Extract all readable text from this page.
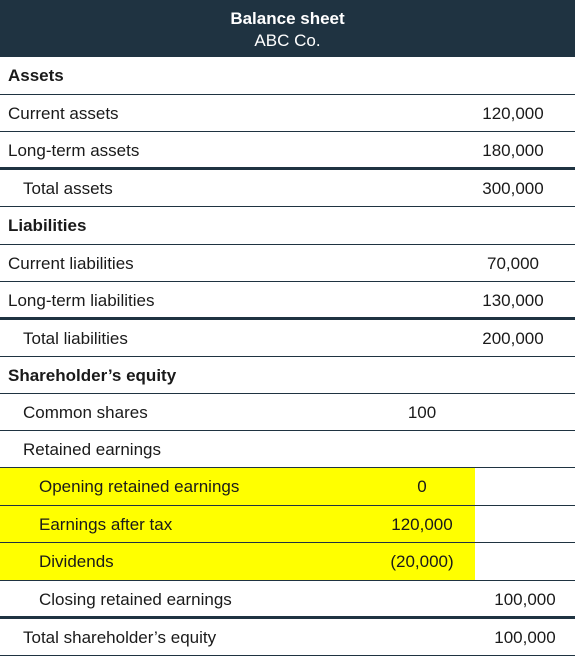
Balance sheet
ABC Co.
Assets
Current assets	120,000
Long-term assets	180,000
Total assets	300,000
Liabilities
Current liabilities	70,000
Long-term liabilities	130,000
Total liabilities	200,000
Shareholder’s equity
Common shares	100
Retained earnings
Opening retained earnings	0
Earnings after tax	120,000
Dividends	(20,000)
Closing retained earnings	100,000
Total shareholder’s equity	100,000
